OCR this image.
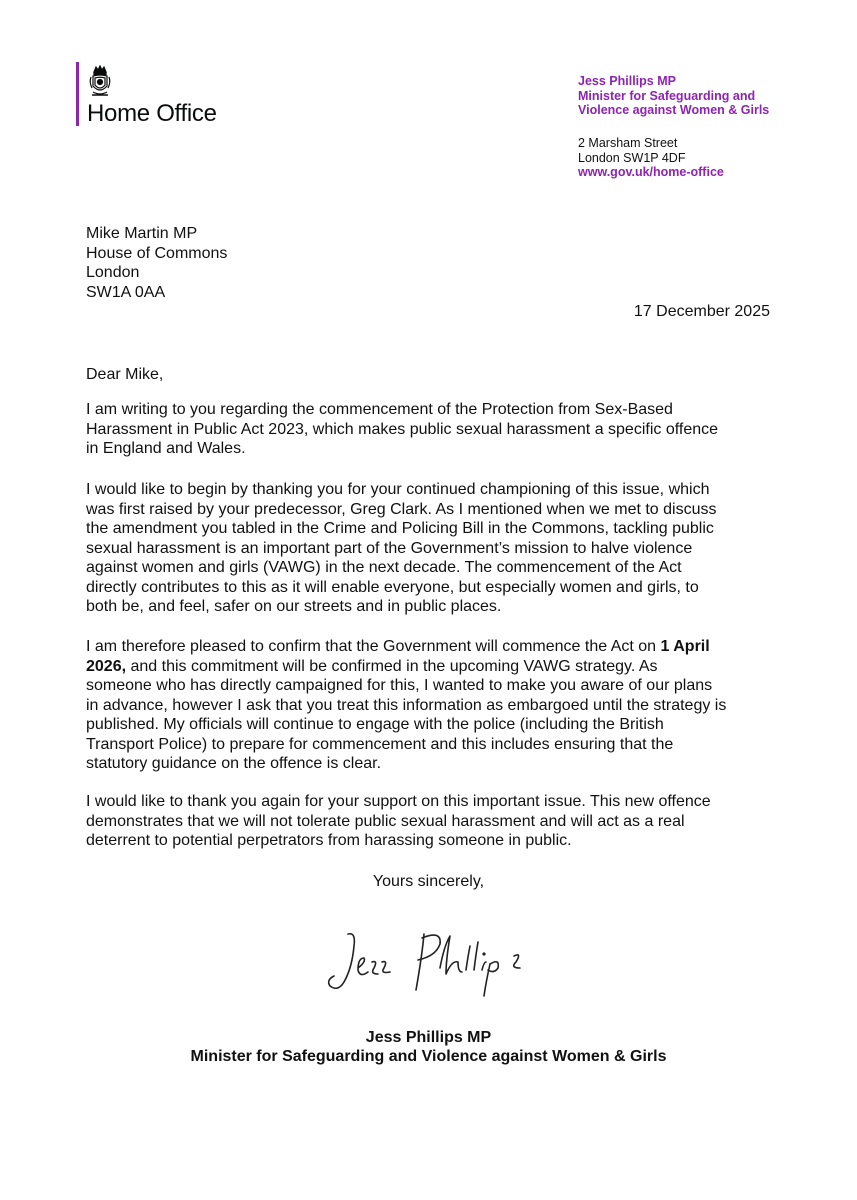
Home Office
Jess Phillips MP
Minister for Safeguarding and
Violence against Women & Girls
2 Marsham Street
London SW1P 4DF
www.gov.uk/home-office
Mike Martin MP
House of Commons
London
SW1A 0AA
17 December 2025
Dear Mike,
I am writing to you regarding the commencement of the Protection from Sex-Based
Harassment in Public Act 2023, which makes public sexual harassment a specific offence
in England and Wales.
I would like to begin by thanking you for your continued championing of this issue, which
was first raised by your predecessor, Greg Clark. As I mentioned when we met to discuss
the amendment you tabled in the Crime and Policing Bill in the Commons, tackling public
sexual harassment is an important part of the Government’s mission to halve violence
against women and girls (VAWG) in the next decade. The commencement of the Act
directly contributes to this as it will enable everyone, but especially women and girls, to
both be, and feel, safer on our streets and in public places.
I am therefore pleased to confirm that the Government will commence the Act on 1 April
2026, and this commitment will be confirmed in the upcoming VAWG strategy. As
someone who has directly campaigned for this, I wanted to make you aware of our plans
in advance, however I ask that you treat this information as embargoed until the strategy is
published. My officials will continue to engage with the police (including the British
Transport Police) to prepare for commencement and this includes ensuring that the
statutory guidance on the offence is clear.
I would like to thank you again for your support on this important issue. This new offence
demonstrates that we will not tolerate public sexual harassment and will act as a real
deterrent to potential perpetrators from harassing someone in public.
Yours sincerely,
Jess Phillips MP
Minister for Safeguarding and Violence against Women & Girls
